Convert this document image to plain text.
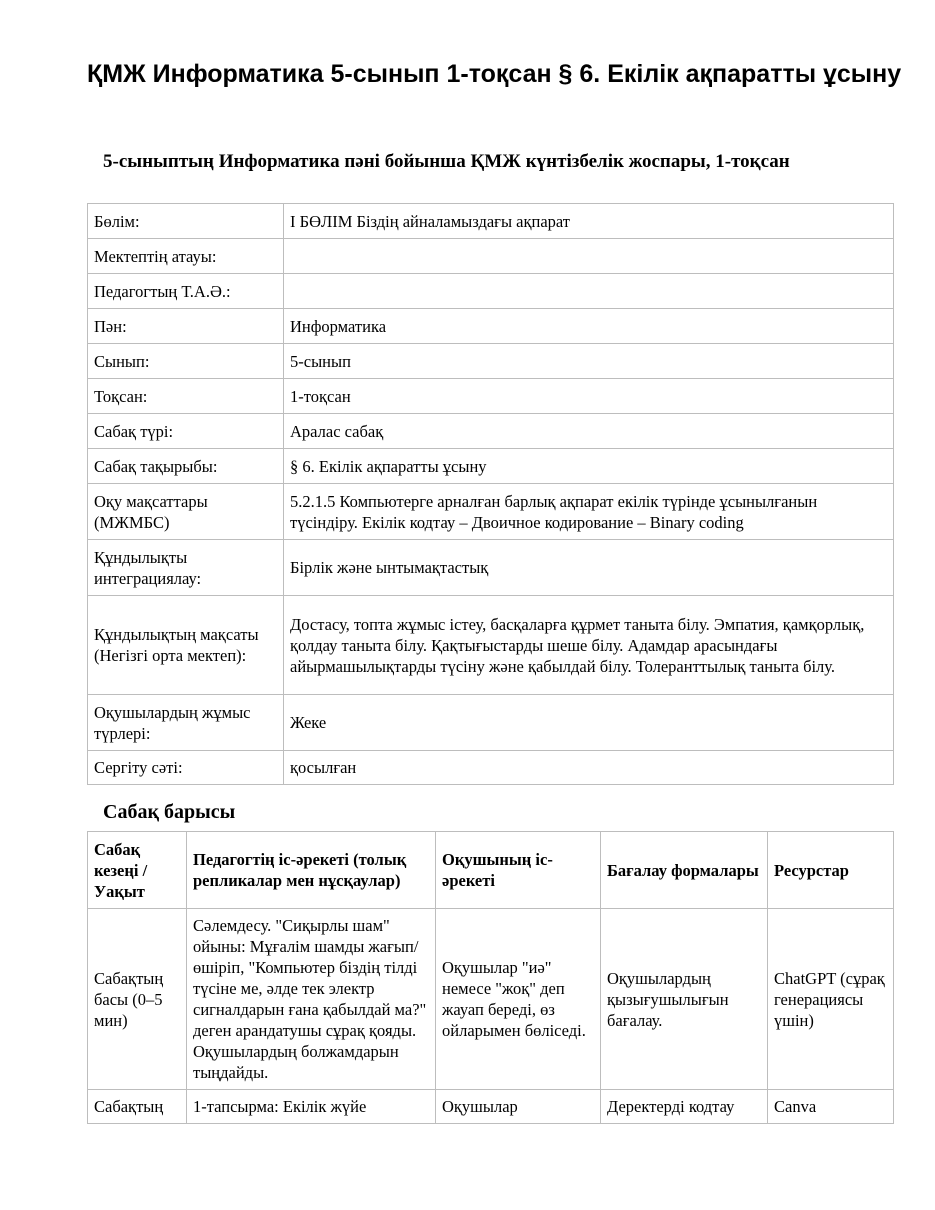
ҚМЖ Информатика 5-сынып 1-тоқсан § 6. Екілік ақпаратты ұсыну
5-сыныптың Информатика пәні бойынша ҚМЖ күнтізбелік жоспары, 1-тоқсан
Бөлім:	I БӨЛІМ Біздің айналамыздағы ақпарат
Мектептің атауы:	
Педагогтың Т.А.Ә.:	
Пән:	Информатика
Сынып:	5-сынып
Тоқсан:	1-тоқсан
Сабақ түрі:	Аралас сабақ
Сабақ тақырыбы:	§ 6. Екілік ақпаратты ұсыну
Оқу мақсаттары (МЖМБС)	5.2.1.5 Компьютерге арналған барлық ақпарат екілік түрінде ұсынылғанын түсіндіру. Екілік кодтау – Двоичное кодирование – Binary coding
Құндылықты интеграциялау:	Бірлік және ынтымақтастық
Құндылықтың мақсаты (Негізгі орта мектеп):	Достасу, топта жұмыс істеу, басқаларға құрмет таныта білу. Эмпатия, қамқорлық, қолдау таныта білу. Қақтығыстарды шеше білу. Адамдар арасындағы айырмашылықтарды түсіну және қабылдай білу. Толеранттылық таныта білу.
Оқушылардың жұмыс түрлері:	Жеке
Сергіту сәті:	қосылған
Сабақ барысы
Сабақ кезеңі / Уақыт	Педагогтің іс-әрекеті (толық репликалар мен нұсқаулар)	Оқушының іс-әрекеті	Бағалау формалары	Ресурстар
Сабақтың басы (0–5 мин)	Сәлемдесу. "Сиқырлы шам" ойыны: Мұғалім шамды жағып/өшіріп, "Компьютер біздің тілді түсіне ме, әлде тек электр сигналдарын ғана қабылдай ма?" деген арандатушы сұрақ қояды. Оқушылардың болжамдарын тыңдайды.	Оқушылар "иә" немесе "жоқ" деп жауап береді, өз ойларымен бөліседі.	Оқушылардың қызығушылығын бағалау.	ChatGPT (сұрақ генерациясы үшін)
Сабақтың	1-тапсырма: Екілік жүйе	Оқушылар	Деректерді кодтау	Canva
